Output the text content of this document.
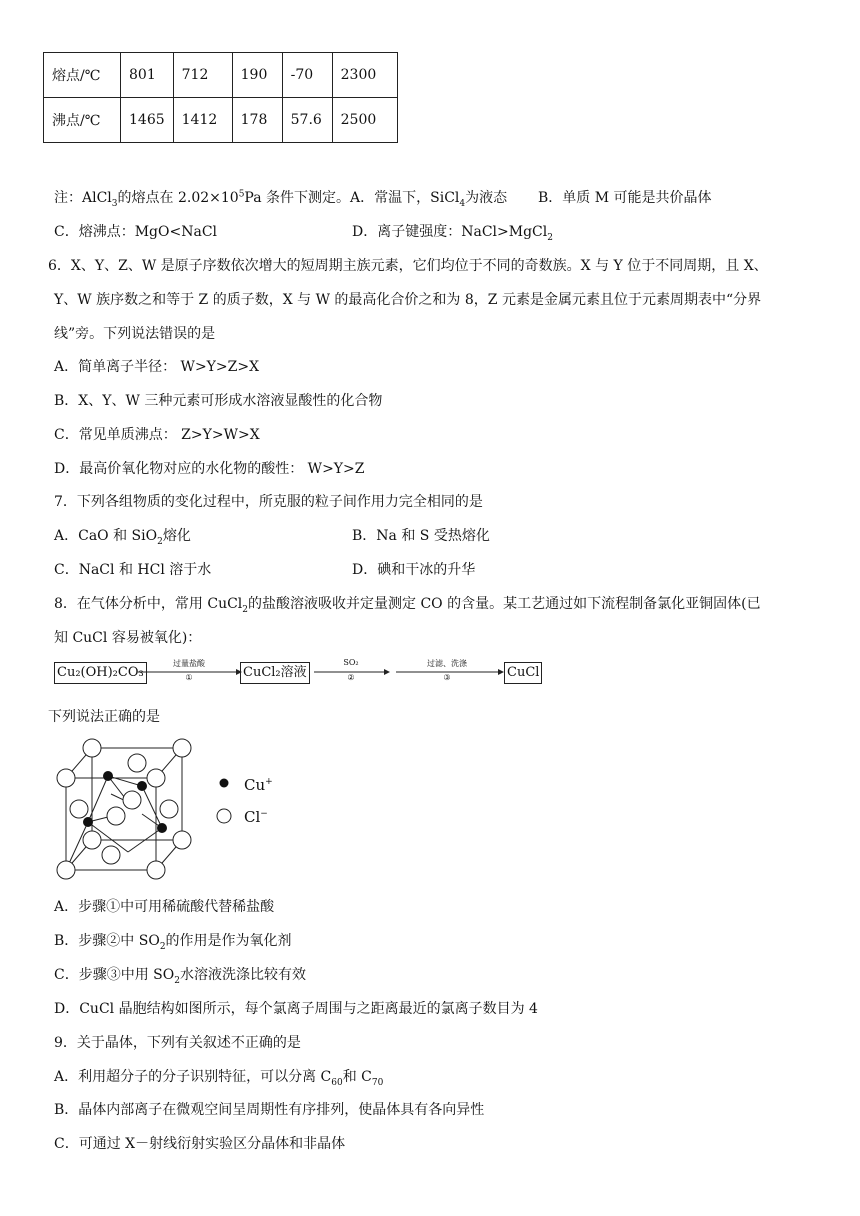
熔点/℃	801	712	190	-70	2300
沸点/℃	1465	1412	178	57.6	2500
注：AlCl$_3$的熔点在 $2.02\times 10^5Pa$ 条件下测定。A．常温下，SiCl$_4$为液态 B．单质 M 可能是共价晶体
C．熔沸点：MgO<NaCl	D．离子键强度：NaCl>MgCl$_2$
6．X、Y、Z、W 是原子序数依次增大的短周期主族元素，它们均位于不同的奇数族。X 与 Y 位于不同周期，且 X、
Y、W 族序数之和等于 Z 的质子数，X 与 W 的最高化合价之和为 8，Z 元素是金属元素且位于元素周期表中“分界
线”旁。下列说法错误的是
A．简单离子半径： W>Y>Z>X
B．X、Y、W 三种元素可形成水溶液显酸性的化合物
C．常见单质沸点： Z>Y>W>X
D．最高价氧化物对应的水化物的酸性： W>Y>Z
7．下列各组物质的变化过程中，所克服的粒子间作用力完全相同的是
A．CaO 和 SiO$_2$熔化	B．Na 和 S 受热熔化
C．NaCl 和 HCl 溶于水	D．碘和干冰的升华
8．在气体分析中，常用 CuCl$_2$的盐酸溶液吸收并定量测定 CO 的含量。某工艺通过如下流程制备氯化亚铜固体(已
知 CuCl 容易被氧化)：
Cu₂(OH)₂CO₃
过量盐酸
①	CuCl₂溶液
SO₂
②
过滤、洗涤
③	CuCl
下列说法正确的是
Cu+
Cl−
A．步骤①中可用稀硫酸代替稀盐酸
B．步骤②中 $SO_2$的作用是作为氧化剂
C．步骤③中用 $SO_2$水溶液洗涤比较有效
D．CuCl 晶胞结构如图所示，每个氯离子周围与之距离最近的氯离子数目为 4
9．关于晶体，下列有关叙述不正确的是
A．利用超分子的分子识别特征，可以分离 $C_{60}$和 $C_{70}$
B．晶体内部离子在微观空间呈周期性有序排列，使晶体具有各向异性
C．可通过 X－射线衍射实验区分晶体和非晶体
